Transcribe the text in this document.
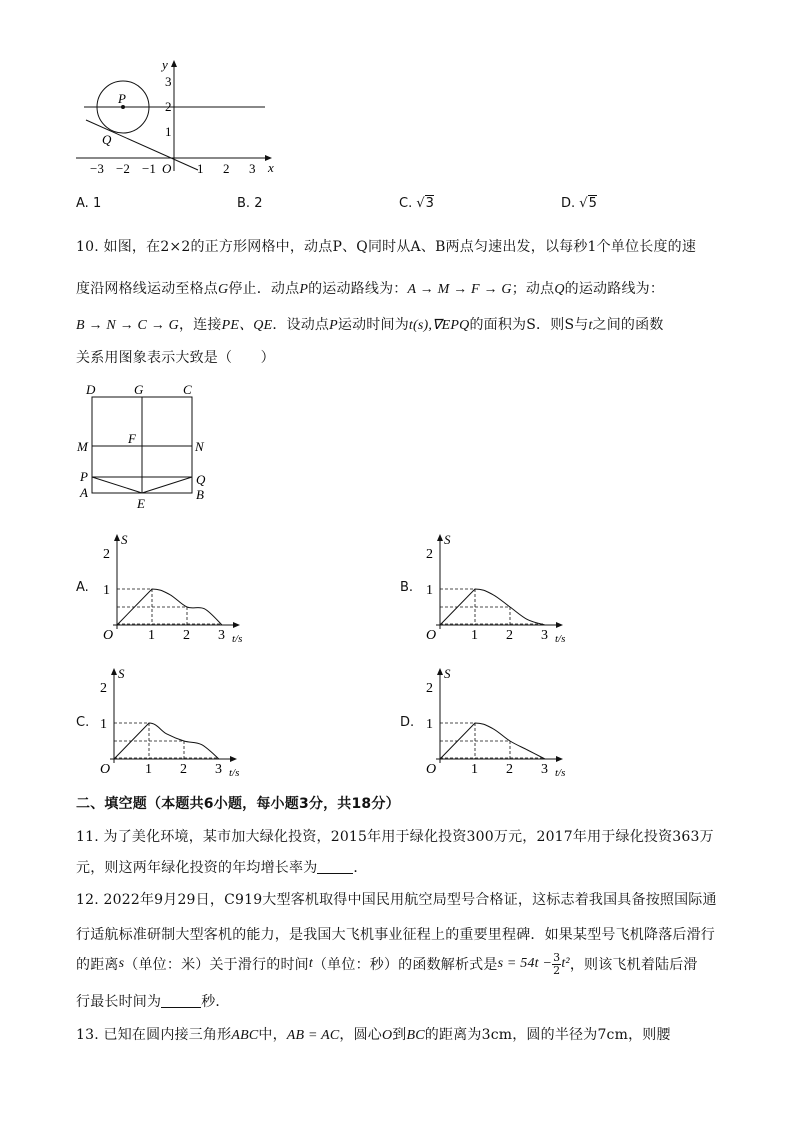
P
Q
O	x
y
−3 −2 −1	1 2 3
1
2
3
A. 1	B. 2	C. √3	D. √5
10. 如图，在2×2的正方形网格中，动点P、Q同时从A、B两点匀速出发，以每秒1个单位长度的速
度沿网格线运动至格点G停止．动点P的运动路线为：A → M → F → G；动点Q的运动路线为：
B → N → C → G，连接PE、QE．设动点P运动时间为t(s),∇EPQ的面积为S．则S与t之间的函数
关系用图象表示大致是（　　）
D	G	C
M
F
N
P	Q
A	B
E
A.	B.
C.	D.
S
t/s
O 1 2 3
1
2
S
t/s
O 1 2 3
1
2
S
t/s
O 1 2 3
1
2
S
t/s
O 1 2 3
1
2
二、填空题（本题共6小题，每小题3分，共18分）
11. 为了美化环境，某市加大绿化投资，2015年用于绿化投资300万元，2017年用于绿化投资363万
元，则这两年绿化投资的年均增长率为	．
12. 2022年9月29日，C919大型客机取得中国民用航空局型号合格证，这标志着我国具备按照国际通
行适航标准研制大型客机的能力，是我国大飞机事业征程上的重要里程碑．如果某型号飞机降落后滑行
的距离 s （单位：米）关于滑行的时间 t （单位：秒）的函数解析式是 $s = 54t - \frac{3}{2} t^2$ ，则该飞机着陆后滑
行最长时间为	秒．
13. 已知在圆内接三角形ABC中，AB = AC，圆心O到BC的距离为3cm，圆的半径为7cm，则腰
